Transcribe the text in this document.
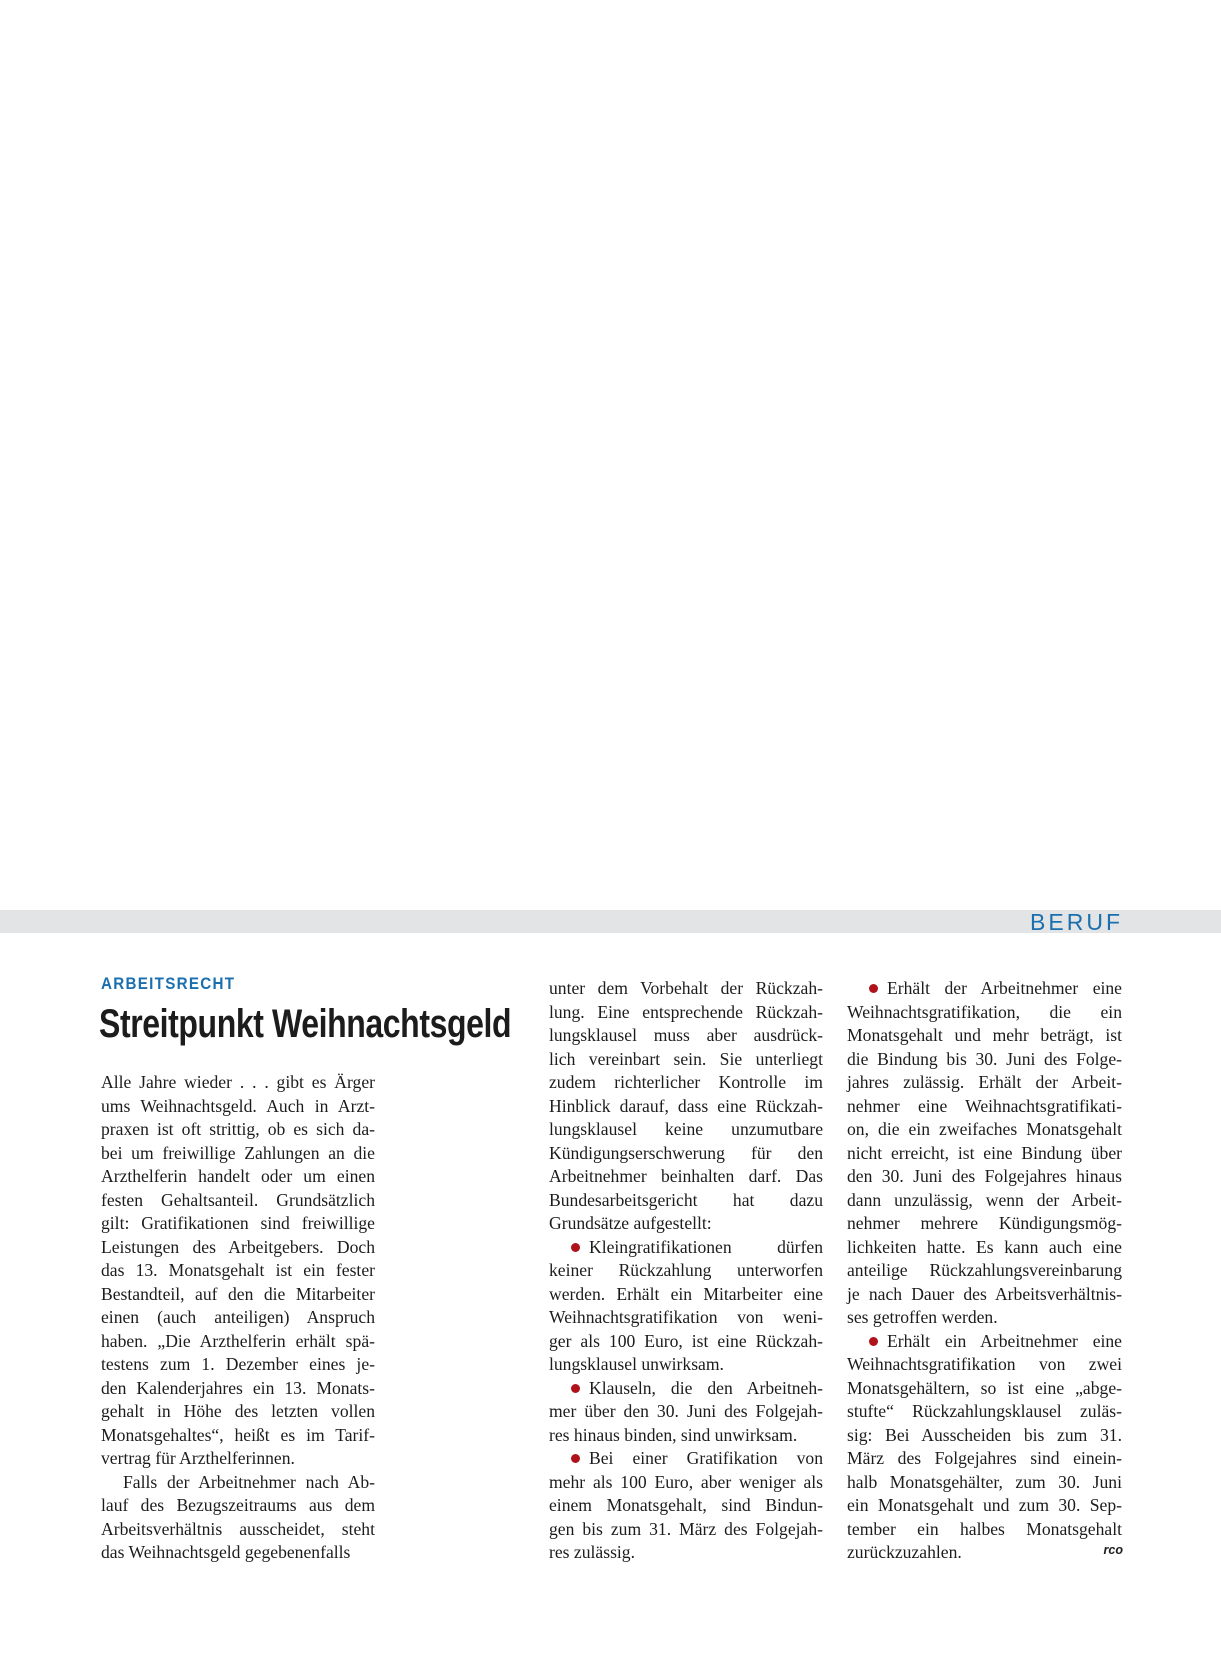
BERUF
ARBEITSRECHT
Streitpunkt Weihnachtsgeld

Alle Jahre wieder . . . gibt es Ärger
ums Weihnachtsgeld. Auch in Arzt-
praxen ist oft strittig, ob es sich da-
bei um freiwillige Zahlungen an die
Arzthelferin handelt oder um einen
festen Gehaltsanteil. Grundsätzlich
gilt: Gratifikationen sind freiwillige
Leistungen des Arbeitgebers. Doch
das 13. Monatsgehalt ist ein fester
Bestandteil, auf den die Mitarbeiter
einen (auch anteiligen) Anspruch
haben. „Die Arzthelferin erhält spä-
testens zum 1. Dezember eines je-
den Kalenderjahres ein 13. Monats-
gehalt in Höhe des letzten vollen
Monatsgehaltes“, heißt es im Tarif-
vertrag für Arzthelferinnen.

Falls der Arbeitnehmer nach Ab-
lauf des Bezugszeitraums aus dem
Arbeitsverhältnis ausscheidet, steht
das Weihnachtsgeld gegebenenfalls

unter dem Vorbehalt der Rückzah-
lung. Eine entsprechende Rückzah-
lungsklausel muss aber ausdrück-
lich vereinbart sein. Sie unterliegt
zudem richterlicher Kontrolle im
Hinblick darauf, dass eine Rückzah-
lungsklausel keine unzumutbare
Kündigungserschwerung für den
Arbeitnehmer beinhalten darf. Das
Bundesarbeitsgericht hat dazu
Grundsätze aufgestellt:

Kleingratifikationen dürfen
keiner Rückzahlung unterworfen
werden. Erhält ein Mitarbeiter eine
Weihnachtsgratifikation von weni-
ger als 100 Euro, ist eine Rückzah-
lungsklausel unwirksam.

Klauseln, die den Arbeitneh-
mer über den 30. Juni des Folgejah-
res hinaus binden, sind unwirksam.

Bei einer Gratifikation von
mehr als 100 Euro, aber weniger als
einem Monatsgehalt, sind Bindun-
gen bis zum 31. März des Folgejah-
res zulässig.

Erhält der Arbeitnehmer eine
Weihnachtsgratifikation, die ein
Monatsgehalt und mehr beträgt, ist
die Bindung bis 30. Juni des Folge-
jahres zulässig. Erhält der Arbeit-
nehmer eine Weihnachtsgratifikati-
on, die ein zweifaches Monatsgehalt
nicht erreicht, ist eine Bindung über
den 30. Juni des Folgejahres hinaus
dann unzulässig, wenn der Arbeit-
nehmer mehrere Kündigungsmög-
lichkeiten hatte. Es kann auch eine
anteilige Rückzahlungsvereinbarung
je nach Dauer des Arbeitsverhältnis-
ses getroffen werden.

Erhält ein Arbeitnehmer eine
Weihnachtsgratifikation von zwei
Monatsgehältern, so ist eine „abge-
stufte“ Rückzahlungsklausel zuläs-
sig: Bei Ausscheiden bis zum 31.
März des Folgejahres sind einein-
halb Monatsgehälter, zum 30. Juni
ein Monatsgehalt und zum 30. Sep-
tember ein halbes Monatsgehalt
zurückzuzahlen.	rco
